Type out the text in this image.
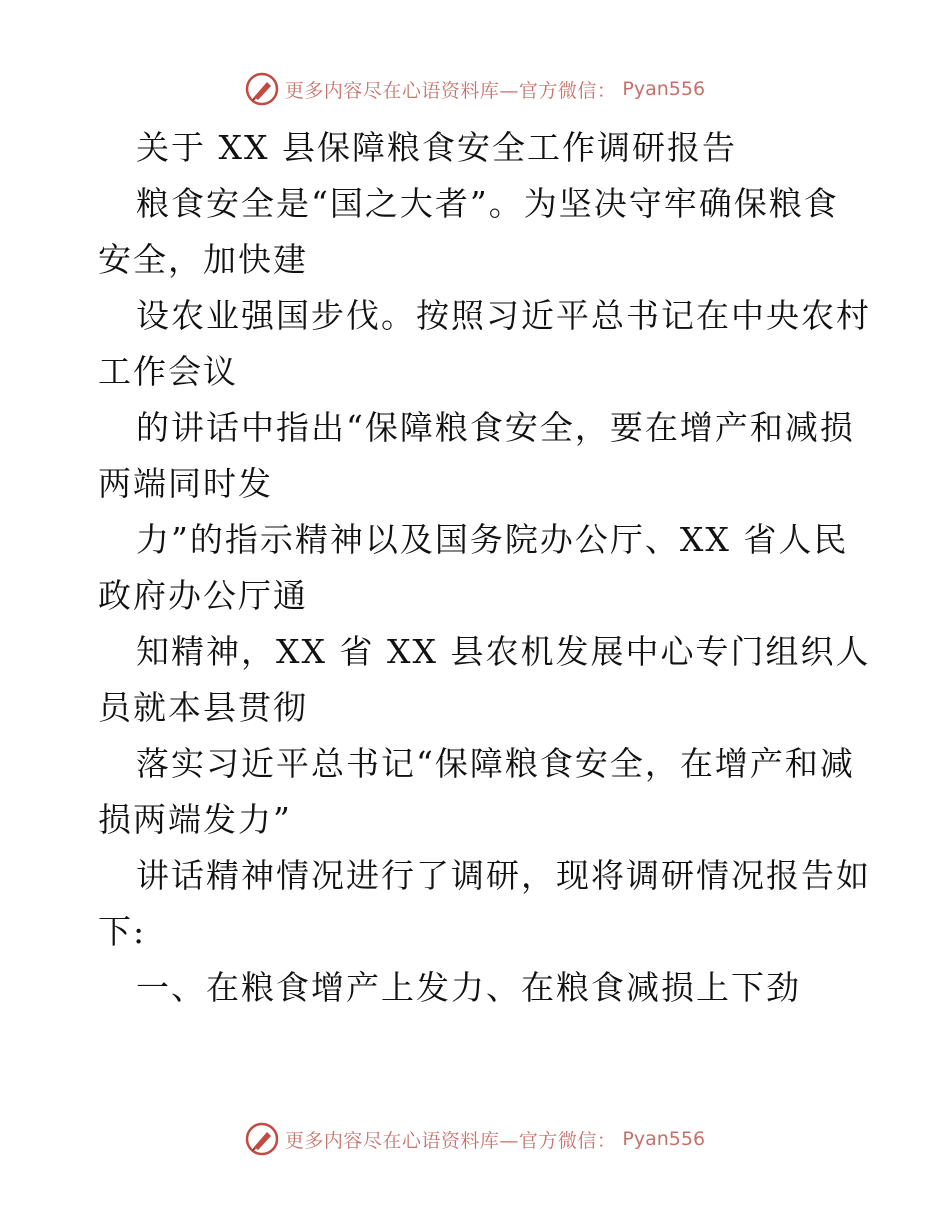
更多内容尽在心语资料库—官方微信： Pyan556
关于 XX 县保障粮食安全工作调研报告
粮食安全是“国之大者”。为坚决守牢确保粮食
安全，加快建
设农业强国步伐。按照习近平总书记在中央农村
工作会议
的讲话中指出“保障粮食安全，要在增产和减损
两端同时发
力”的指示精神以及国务院办公厅、XX 省人民
政府办公厅通
知精神，XX 省 XX 县农机发展中心专门组织人
员就本县贯彻
落实习近平总书记“保障粮食安全，在增产和减
损两端发力”
讲话精神情况进行了调研，现将调研情况报告如
下:
一、在粮食增产上发力、在粮食减损上下劲
更多内容尽在心语资料库—官方微信： Pyan556
